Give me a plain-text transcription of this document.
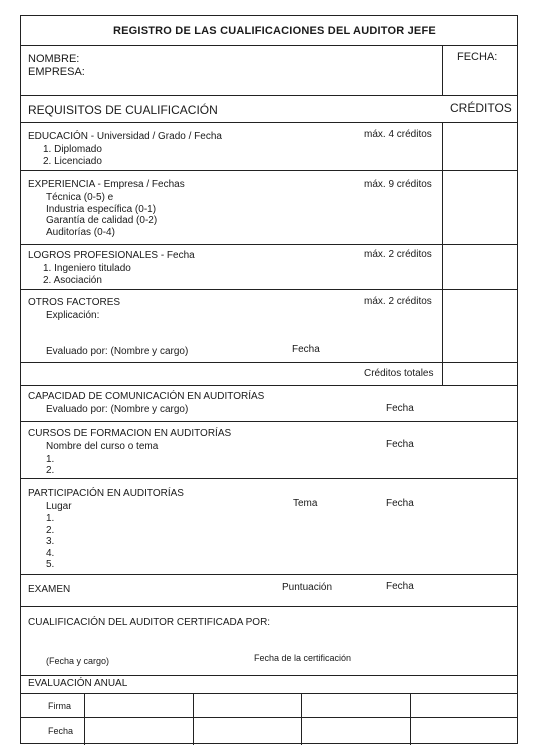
REGISTRO DE LAS CUALIFICACIONES DEL AUDITOR JEFE
NOMBRE:
EMPRESA:
FECHA:
REQUISITOS DE CUALIFICACIÓN	CRÉDITOS
EDUCACIÓN - Universidad / Grado / Fecha	máx. 4 créditos
1. Diplomado
2. Licenciado
EXPERIENCIA - Empresa / Fechas	máx. 9 créditos
Técnica (0-5) e
Industria específica (0-1)
Garantía de calidad (0-2)
Auditorías (0-4)
LOGROS PROFESIONALES - Fecha	máx. 2 créditos
1. Ingeniero titulado
2. Asociación
OTROS FACTORES	máx. 2 créditos
Explicación:
Evaluado por: (Nombre y cargo)	Fecha
Créditos totales
CAPACIDAD DE COMUNICACIÓN EN AUDITORÍAS
Evaluado por: (Nombre y cargo)	Fecha
CURSOS DE FORMACION EN AUDITORÍAS
Nombre del curso o tema	Fecha
1.
2.
PARTICIPACIÓN EN AUDITORÍAS
Lugar	Tema	Fecha
1.
2.
3.
4.
5.
EXAMEN	Puntuación	Fecha
CUALIFICACIÓN DEL AUDITOR CERTIFICADA POR:
(Fecha y cargo)	Fecha de la certificación
EVALUACIÓN ANUAL
Firma
Fecha
